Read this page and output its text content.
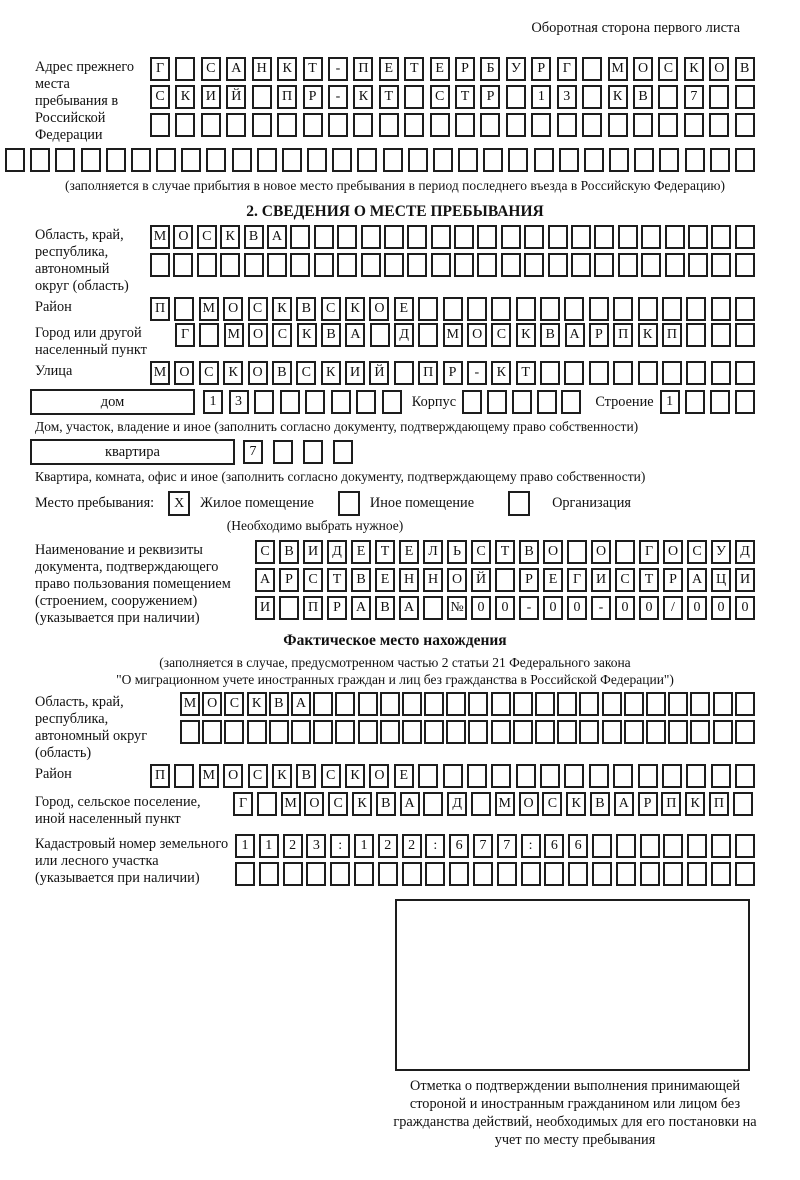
Оборотная сторона первого листа
Адрес прежнего места пребывания в Российской Федерации
Г	С	А	Н	К	Т	-	П	Е	Т	Е	Р	Б	У	Р	Г	М	О	С	К	О	В
С	К	И	Й	П	Р	-	К	Т	С	Т	Р	1	3	К	В	7
(заполняется в случае прибытия в новое место пребывания в период последнего въезда в Российскую Федерацию)
2. СВЕДЕНИЯ О МЕСТЕ ПРЕБЫВАНИЯ
Область, край, республика, автономный округ (область)
М О С	К	В А
Район	П	М О	С	К	В	С	К	О	Е
Город или другой населенный пункт
Г	М О	С	К	В	А	Д	М О	С	К	В	А	Р	П	К	П
Улица	М О	С	К	О	В	С	К	И	Й	П	Р	-	К	Т
дом	1	3	Корпус	Строение 1
Дом, участок, владение и иное (заполнить согласно документу, подтверждающему право собственности)
квартира	7
Квартира, комната, офис и иное (заполнить согласно документу, подтверждающему право собственности)
Место пребывания:	X	Жилое помещение	Иное помещение	Организация
(Необходимо выбрать нужное)
Наименование и реквизиты документа, подтверждающего право пользования помещением (строением, сооружением) (указывается при наличии)
С	В	И	Д	Е	Т	Е	Л	Ь	С	Т	В	О	О	Г	О	С	У	Д
А	Р	С	Т	В	Е	Н Н О Й	Р	Е	Г	И	С	Т	Р	А Ц И
И	П	Р	А	В	А	№ 0	0	-	0	0	-	0	0	/	0	0	0
Фактическое место нахождения
(заполняется в случае, предусмотренном частью 2 статьи 21 Федерального закона
"О миграционном учете иностранных граждан и лиц без гражданства в Российской Федерации")
Область, край, республика, автономный округ (область)
М О С К В А
Район	П	М О	С	К	В	С	К	О	Е
Город, сельское поселение, иной населенный пункт
Г	М О	С	К	В	А	Д	М О	С	К	В	А	Р	П	К	П
Кадастровый номер земельного или лесного участка (указывается при наличии)
1	1	2	3	:	1	2	2	:	6	7	7	:	6	6
Отметка о подтверждении выполнения принимающей стороной и иностранным гражданином или лицом без гражданства действий, необходимых для его постановки на учет по месту пребывания
